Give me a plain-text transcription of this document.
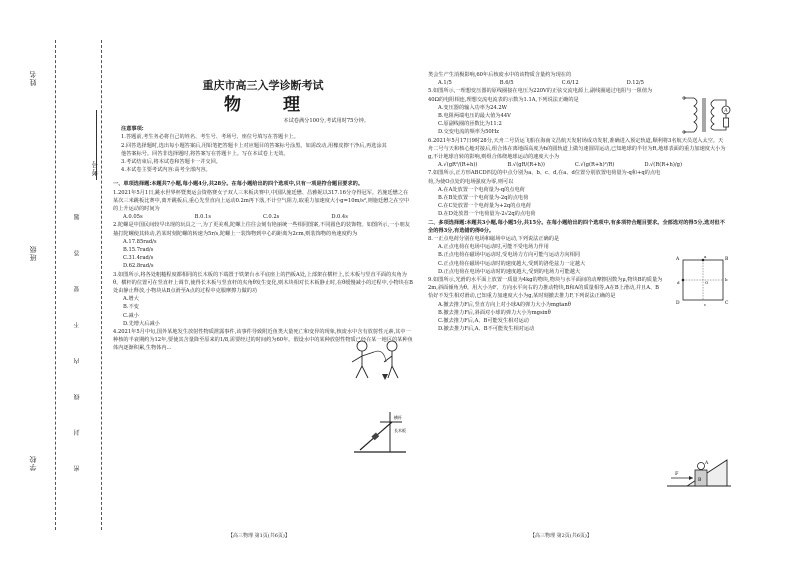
考号
姓名
班级
学校	密 封 线 内 不 要 答 题
重庆市高三入学诊断考试
物 理

本试卷满分100分,考试用时75分钟。

注意事项:

1.答题前,考生务必将自己的姓名、考生号、考场号、座位号填写在答题卡上。

2.回答选择题时,选出每小题答案后,用铅笔把答题卡上对应题目的答案标号涂黑。如需改动,用橡皮擦干净后,再选涂其他答案标号。回答非选择题时,将答案写在答题卡上。写在本试卷上无效。

3.考试结束后,将本试卷和答题卡一并交回。

4.本试卷主要考试内容:高考全部内容。

一、单项选择题:本题共7小题,每小题4分,共28分。在每小题给出的四个选项中,只有一项是符合题目要求的。

1.2021年5月1日,跳水世界杯暨奥运会资格赛女子双人三米板决赛中,中国队施廷懋、昌雅妮以317.16分夺得冠军。若施廷懋之在某次三米跳板比赛中,离开跳板后,重心先竖直向上运动0.2m再下落,不计空气阻力,取重力加速度大小g=10m/s²,则施廷懋之在空中的上升运动的时间为

A.0.05s	B.0.1s	C.0.2s	D.0.4s

2.陀螺是中国民间较早出现的玩具之一,为了更美观,陀螺上往往会刻有艳丽统一些相同图案,不同圆色的装饰物。如图所示,一小朋友抽打陀螺使其转动,若某时刻陀螺的转速为5r/s,陀螺上一装饰物到中心的距离为2cm,则装饰物的角速度约为

A.17.85rad/s

B.15.7rad/s

C.31.4rad/s

D.62.8rad/s

3.如图所示,将各处粗糙程度都相同的长木板的下端置于铁架台水平底座上的挡板A处,上部架在横杆上,长木板与竖直平面的夹角为θ。横杆的位置可在竖直杆上调节,使得长木板与竖直杆的夹角θ发生变化,则木块相对长木板静止时,在θ缓慢减小的过程中,小物块在B处由静止释放,小物块从B点滑至A点的过程中克服摩擦力做的功

A.增大

B.不变

C.减小

D.先增大后减小

4.2021年5月中旬,国外某地发生放射性物质泄露事件,该事件导致附近鱼类大量死亡和变异的现象,核废水中含有放射性元素,其中一种核的半衰期约为12年,要使其含量降至原来的1/8,需要经过的时间约为60年。假设水中的某种放射性物质已经在某一地区的某种鱼体内逐渐积累,生物体内...

长木板
横杆
【高三物理 第1页(共6页)】

类会生产生消极影响,60年后核废水中的该物质含量约为现在的

A.1/5	B.6/5	C.6/12	D.12/5

5.如图所示,一理想变压器的原线圈接在电压为220V的正弦交流电源上,副线圈通过电阻与一阻值为40Ω的电阻相连,理想交流电流表的示数为1.1A,下列说法正确的是

A.变压器的输入功率为24.2W

B.电阻两端电压的最大值为44V

C.原副线圈的匝数比为11:2

D.交变电流的频率为50Hz

6.2021年5月17日9时28分,天舟二号货运飞船在海南文昌航天发射场成功发射,准确进入预定轨道,顺利将3名航天员送入太空。天舟二号与天和核心舱对接后,组合体在离地面高度为h的圆轨道上做匀速圆周运动,已知地球的半径为R,地球表面的重力加速度大小为g,不计地球自转的影响,则组合体绕地球运动的速度大小为

A.√(gR²/(R+h))	B.√(gR/(R+h))	C.√(g(R+h)²/R)	D.√(R(R+h)/g)

7.如图所示,正方形ABCD四边的中点分别为a、b、c、d,在a、d位置分别放置电荷量为-q和+q的点电荷,为使O点处的电场强度为零,则可以

A.在A处放置一个电荷量为-q的点电荷

B.在B处放置一个电荷量为-2q的点电荷

C.在C处放置一个电荷量为+2q的点电荷

D.在D处放置一个电荷量为-2√2q的点电荷

二、多项选择题:本题共3小题,每小题5分,共15分。在每小题给出的四个选项中,有多项符合题目要求。全部选对的得5分,选对但不全的得3分,有选错的得0分。

8.一正点电荷分别在电场和磁场中运动,下列说法正确的是

A.正点电荷在电场中运动时,可能不受电场力作用

B.正点电荷在磁场中运动时,受电场力方向可能与运动方向相同

C.正点电荷在磁场中运动时的速度越大,受到的洛伦兹力一定越大

D.正点电荷在电场中运动时的速度越大,受到的电场力可能越大

9.如图所示,光滑的水平面上放置一质量为4kg的物块,物块与水平面间的动摩擦因数为μ,物块B的质量为2m,斜面倾角为θ。用大小为F、方向水平向右的力推动物块,B和A的质量相等,A在B上滑动,并且A、B恰好不发生相对滑动,已知重力加速度大小为g,某时刻撤去推力F,下列说法正确的是

A.撤去推力F后,竖直方向上对小球A的弹力大小为mgtanθ

B.撤去推力F后,斜面对小球的弹力大小为mgsinθ

C.撤去推力F后,A、B可能发生相对运动

D.撤去推力F后,A、B不可能发生相对运动

A
A	B
C
D
a
b
c
d	O
F
A
B
【高三物理 第2页(共6页)】
